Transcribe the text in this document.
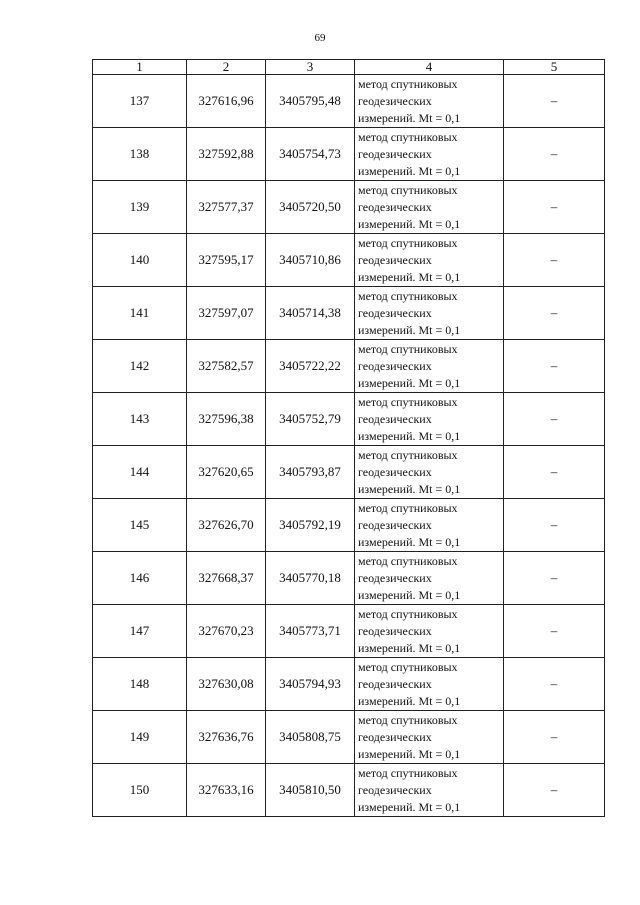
69
1	2	3	4	5
137	327616,96	3405795,48	метод спутниковых
геодезических
измерений. Mt = 0,1	–
138	327592,88	3405754,73	метод спутниковых
геодезических
измерений. Mt = 0,1	–
139	327577,37	3405720,50	метод спутниковых
геодезических
измерений. Mt = 0,1	–
140	327595,17	3405710,86	метод спутниковых
геодезических
измерений. Mt = 0,1	–
141	327597,07	3405714,38	метод спутниковых
геодезических
измерений. Mt = 0,1	–
142	327582,57	3405722,22	метод спутниковых
геодезических
измерений. Mt = 0,1	–
143	327596,38	3405752,79	метод спутниковых
геодезических
измерений. Mt = 0,1	–
144	327620,65	3405793,87	метод спутниковых
геодезических
измерений. Mt = 0,1	–
145	327626,70	3405792,19	метод спутниковых
геодезических
измерений. Mt = 0,1	–
146	327668,37	3405770,18	метод спутниковых
геодезических
измерений. Mt = 0,1	–
147	327670,23	3405773,71	метод спутниковых
геодезических
измерений. Mt = 0,1	–
148	327630,08	3405794,93	метод спутниковых
геодезических
измерений. Mt = 0,1	–
149	327636,76	3405808,75	метод спутниковых
геодезических
измерений. Mt = 0,1	–
150	327633,16	3405810,50	метод спутниковых
геодезических
измерений. Mt = 0,1	–
